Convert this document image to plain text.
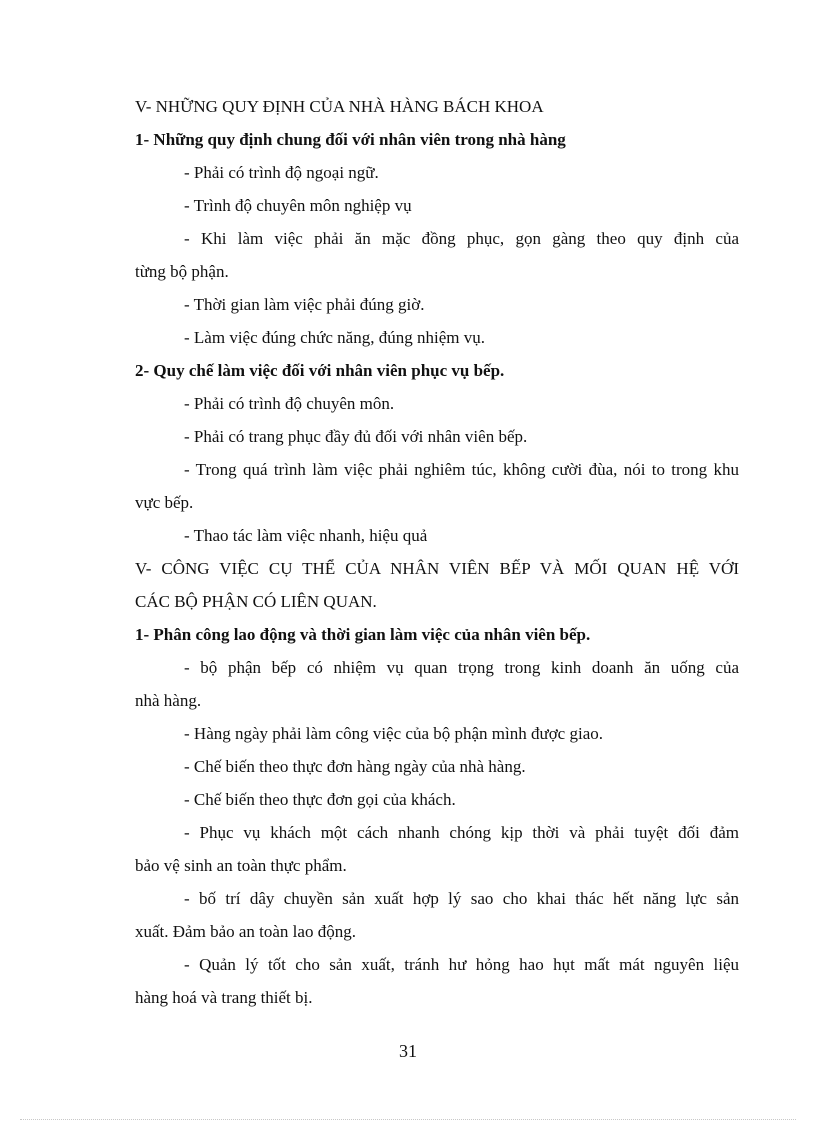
V- NHỮNG QUY ĐỊNH CỦA NHÀ HÀNG BÁCH KHOA
1- Những quy định chung đối với nhân viên trong nhà hàng
- Phải có trình độ ngoại ngữ.
- Trình độ chuyên môn nghiệp vụ
- Khi làm việc phải ăn mặc đồng phục, gọn gàng theo quy định của
từng bộ phận.
- Thời gian làm việc phải đúng giờ.
- Làm việc đúng chức năng, đúng nhiệm vụ.
2- Quy chế làm việc đối với nhân viên phục vụ bếp.
- Phải có trình độ chuyên môn.
- Phải có trang phục đầy đủ đối với nhân viên bếp.
- Trong quá trình làm việc phải nghiêm túc, không cười đùa, nói to trong khu
vực bếp.
- Thao tác làm việc nhanh, hiệu quả
V- CÔNG VIỆC CỤ THỂ CỦA NHÂN VIÊN BẾP VÀ MỐI QUAN HỆ VỚI
CÁC BỘ PHẬN CÓ LIÊN QUAN.
1- Phân công lao động và thời gian làm việc của nhân viên bếp.
- bộ phận bếp có nhiệm vụ quan trọng trong kinh doanh ăn uống của
nhà hàng.
- Hàng ngày phải làm công việc của bộ phận mình được giao.
- Chế biến theo thực đơn hàng ngày của nhà hàng.
- Chế biến theo thực đơn gọi của khách.
- Phục vụ khách một cách nhanh chóng kịp thời và phải tuyệt đối đảm
bảo vệ sinh an toàn thực phẩm.
- bố trí dây chuyền sản xuất hợp lý sao cho khai thác hết năng lực sản
xuất. Đảm bảo an toàn lao động.
- Quản lý tốt cho sản xuất, tránh hư hỏng hao hụt mất mát nguyên liệu
hàng hoá và trang thiết bị.
31
